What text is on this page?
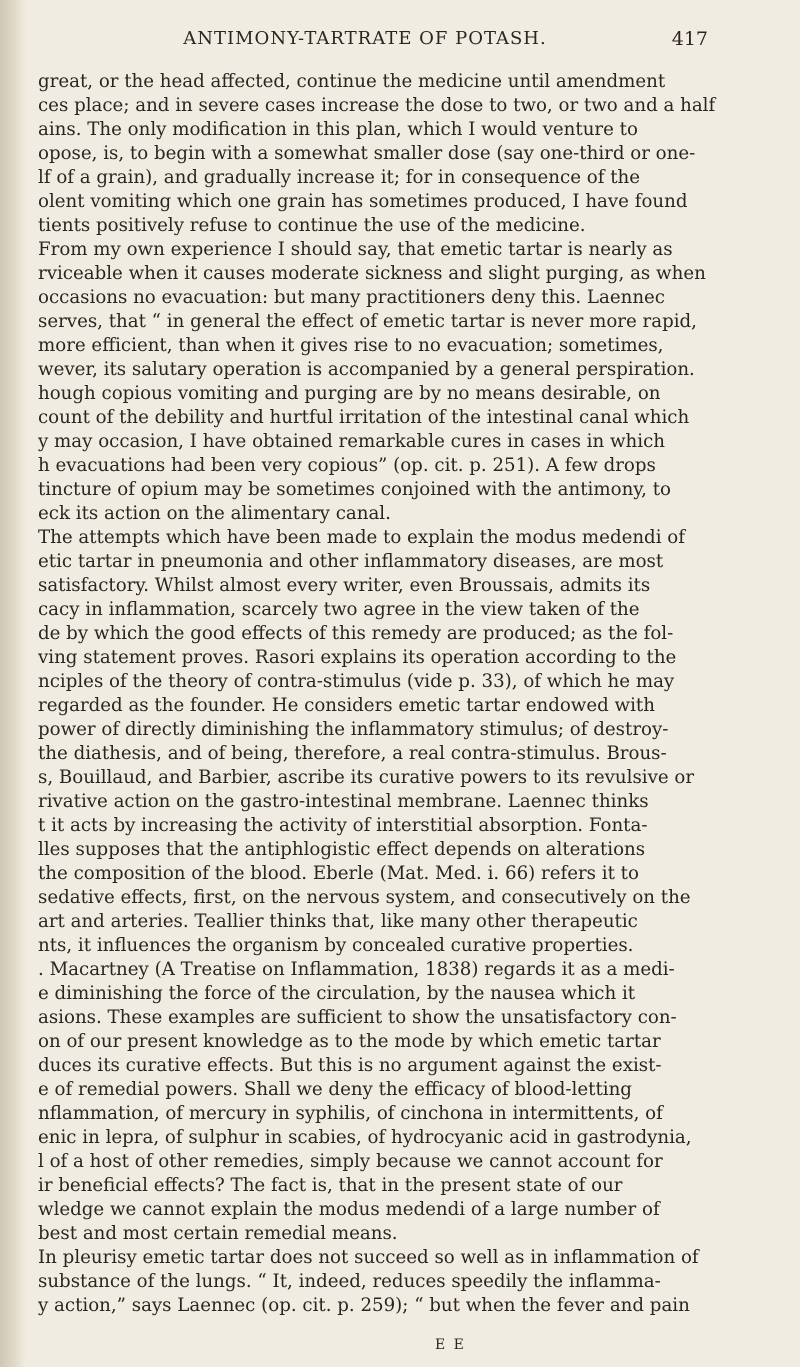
ANTIMONY-TARTRATE OF POTASH.	417
great, or the head affected, continue the medicine until amendment
ces place; and in severe cases increase the dose to two, or two and a half
ains. The only modification in this plan, which I would venture to
opose, is, to begin with a somewhat smaller dose (say one-third or one-
lf of a grain), and gradually increase it; for in consequence of the
olent vomiting which one grain has sometimes produced, I have found
tients positively refuse to continue the use of the medicine.
From my own experience I should say, that emetic tartar is nearly as
rviceable when it causes moderate sickness and slight purging, as when
occasions no evacuation: but many practitioners deny this. Laennec
serves, that “ in general the effect of emetic tartar is never more rapid,
more efficient, than when it gives rise to no evacuation; sometimes,
wever, its salutary operation is accompanied by a general perspiration.
hough copious vomiting and purging are by no means desirable, on
count of the debility and hurtful irritation of the intestinal canal which
y may occasion, I have obtained remarkable cures in cases in which
h evacuations had been very copious” (op. cit. p. 251). A few drops
tincture of opium may be sometimes conjoined with the antimony, to
eck its action on the alimentary canal.
The attempts which have been made to explain the modus medendi of
etic tartar in pneumonia and other inflammatory diseases, are most
satisfactory. Whilst almost every writer, even Broussais, admits its
cacy in inflammation, scarcely two agree in the view taken of the
de by which the good effects of this remedy are produced; as the fol-
ving statement proves. Rasori explains its operation according to the
nciples of the theory of contra-stimulus (vide p. 33), of which he may
regarded as the founder. He considers emetic tartar endowed with
power of directly diminishing the inflammatory stimulus; of destroy-
the diathesis, and of being, therefore, a real contra-stimulus. Brous-
s, Bouillaud, and Barbier, ascribe its curative powers to its revulsive or
rivative action on the gastro-intestinal membrane. Laennec thinks
t it acts by increasing the activity of interstitial absorption. Fonta-
lles supposes that the antiphlogistic effect depends on alterations
the composition of the blood. Eberle (Mat. Med. i. 66) refers it to
sedative effects, first, on the nervous system, and consecutively on the
art and arteries. Teallier thinks that, like many other therapeutic
nts, it influences the organism by concealed curative properties.
. Macartney (A Treatise on Inflammation, 1838) regards it as a medi-
e diminishing the force of the circulation, by the nausea which it
asions. These examples are sufficient to show the unsatisfactory con-
on of our present knowledge as to the mode by which emetic tartar
duces its curative effects. But this is no argument against the exist-
e of remedial powers. Shall we deny the efficacy of blood-letting
nflammation, of mercury in syphilis, of cinchona in intermittents, of
enic in lepra, of sulphur in scabies, of hydrocyanic acid in gastrodynia,
l of a host of other remedies, simply because we cannot account for
ir beneficial effects? The fact is, that in the present state of our
wledge we cannot explain the modus medendi of a large number of
best and most certain remedial means.
In pleurisy emetic tartar does not succeed so well as in inflammation of
substance of the lungs. “ It, indeed, reduces speedily the inflamma-
y action,” says Laennec (op. cit. p. 259); “ but when the fever and pain
E E
